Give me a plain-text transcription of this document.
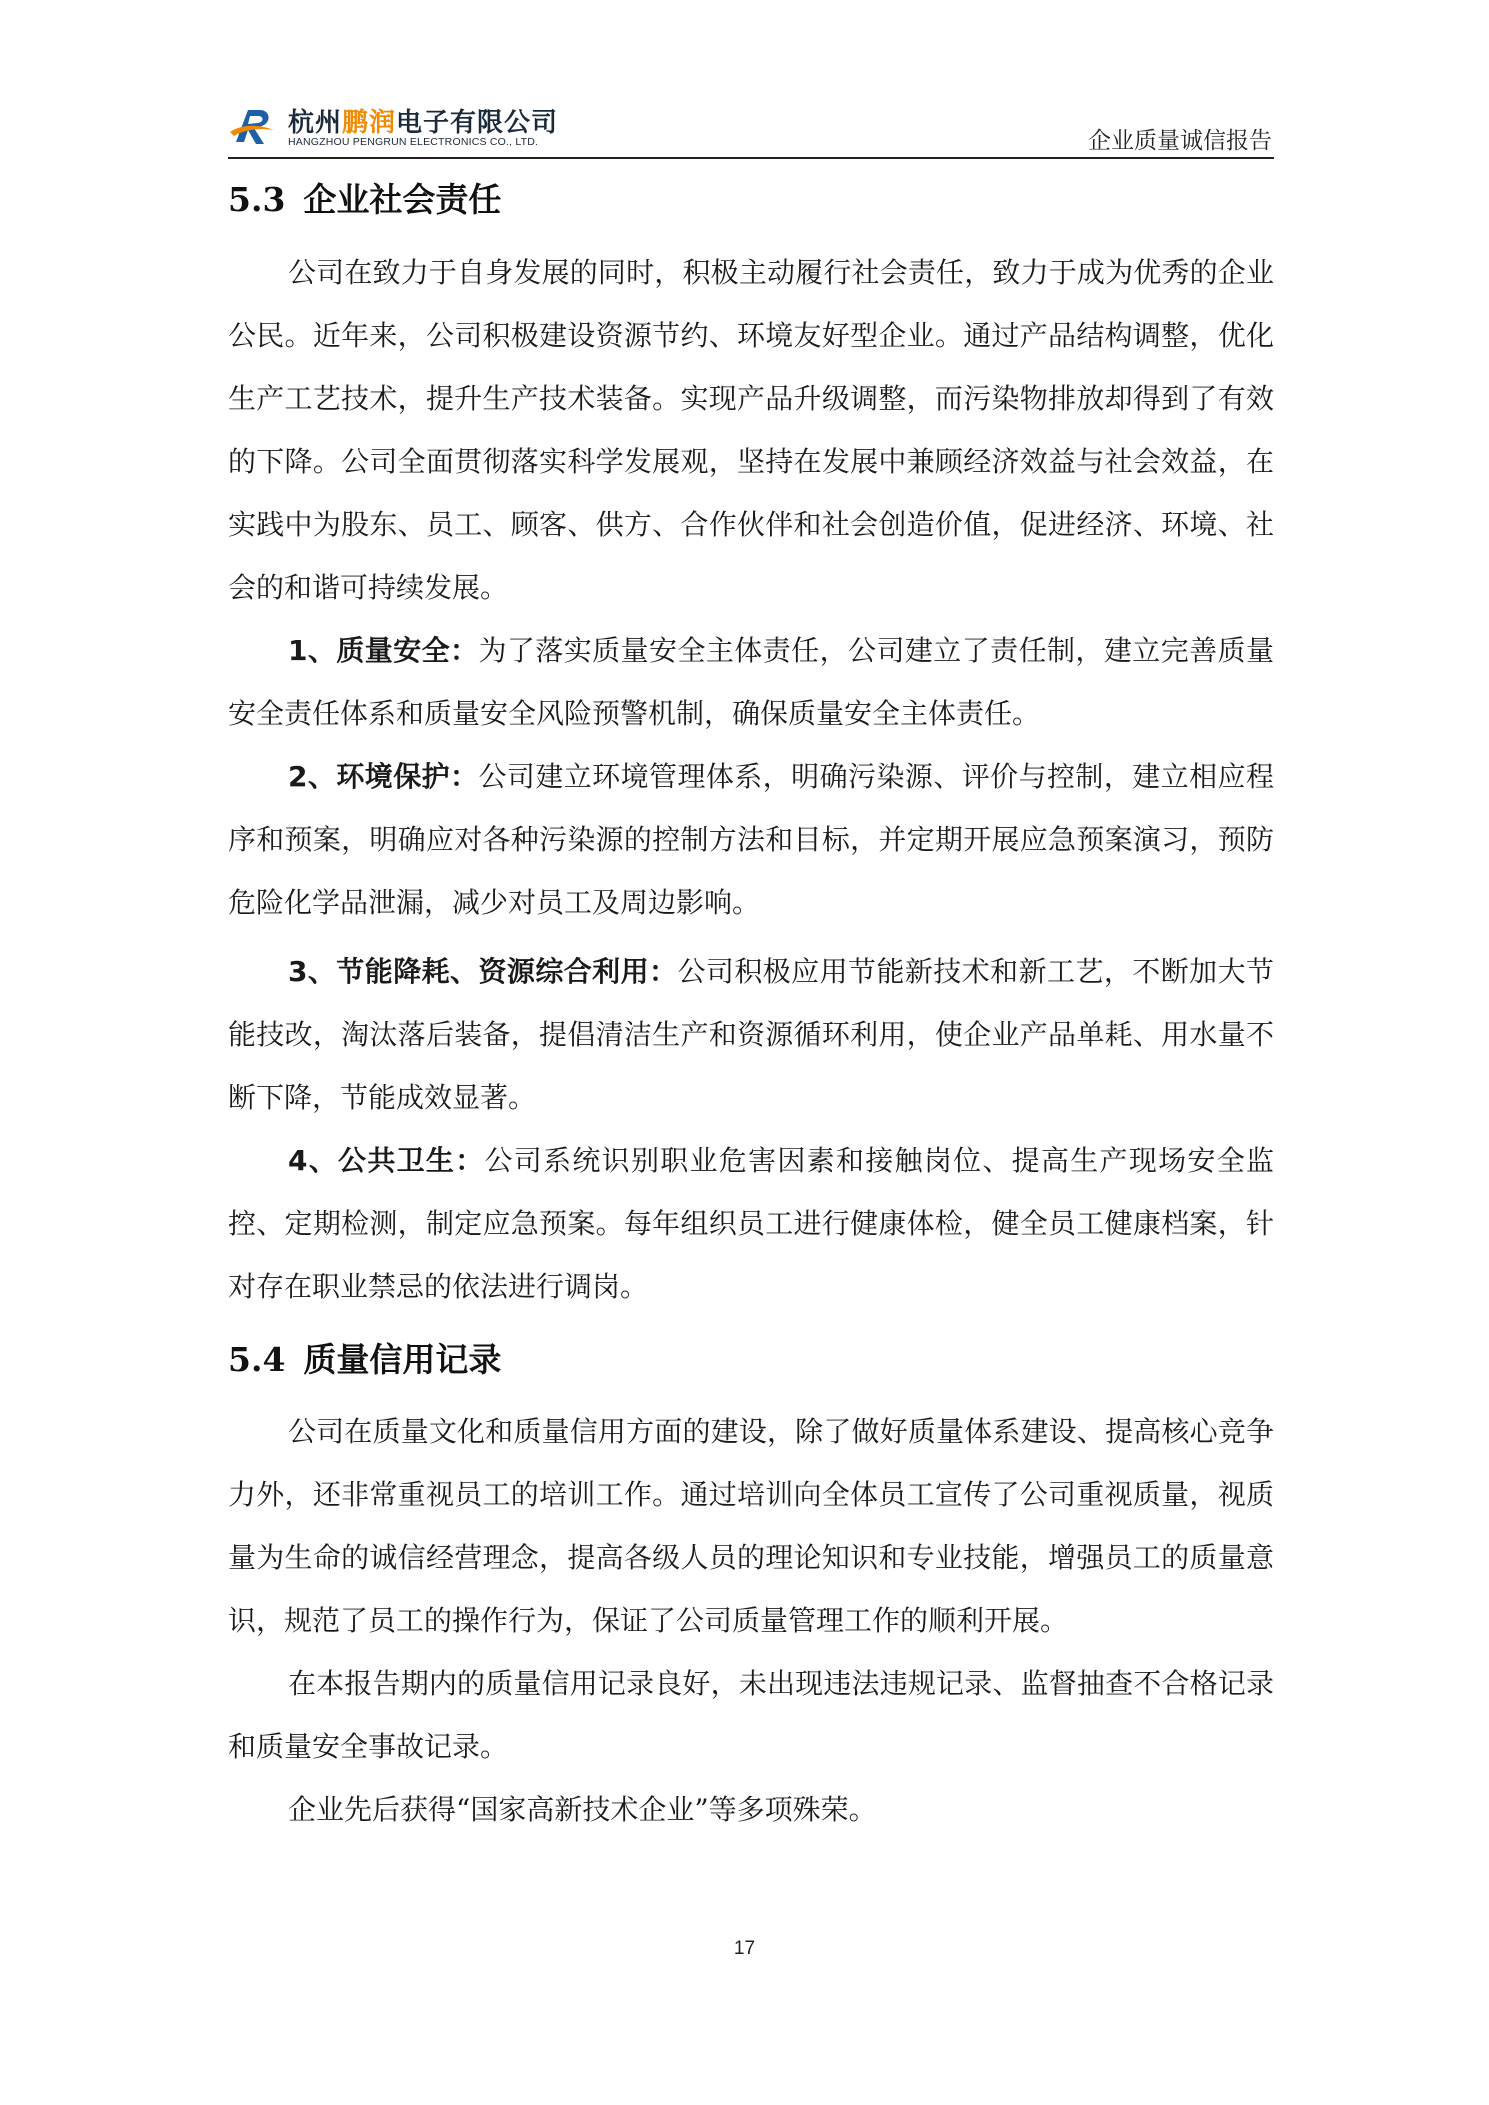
杭州鹏润电子有限公司
HANGZHOU PENGRUN ELECTRONICS CO., LTD.	企业质量诚信报告
5.3 企业社会责任

公司在致力于自身发展的同时，积极主动履行社会责任，致力于成为优秀的企业公民。近年来，公司积极建设资源节约、环境友好型企业。通过产品结构调整，优化生产工艺技术，提升生产技术装备。实现产品升级调整，而污染物排放却得到了有效的下降。公司全面贯彻落实科学发展观，坚持在发展中兼顾经济效益与社会效益，在实践中为股东、员工、顾客、供方、合作伙伴和社会创造价值，促进经济、环境、社会的和谐可持续发展。

1、质量安全：为了落实质量安全主体责任，公司建立了责任制，建立完善质量安全责任体系和质量安全风险预警机制，确保质量安全主体责任。

2、环境保护：公司建立环境管理体系，明确污染源、评价与控制，建立相应程序和预案，明确应对各种污染源的控制方法和目标，并定期开展应急预案演习，预防危险化学品泄漏，减少对员工及周边影响。

3、节能降耗、资源综合利用：公司积极应用节能新技术和新工艺，不断加大节能技改，淘汰落后装备，提倡清洁生产和资源循环利用，使企业产品单耗、用水量不断下降，节能成效显著。

4、公共卫生：公司系统识别职业危害因素和接触岗位、提高生产现场安全监控、定期检测，制定应急预案。每年组织员工进行健康体检，健全员工健康档案，针对存在职业禁忌的依法进行调岗。

5.4 质量信用记录

公司在质量文化和质量信用方面的建设，除了做好质量体系建设、提高核心竞争力外，还非常重视员工的培训工作。通过培训向全体员工宣传了公司重视质量，视质量为生命的诚信经营理念，提高各级人员的理论知识和专业技能，增强员工的质量意识，规范了员工的操作行为，保证了公司质量管理工作的顺利开展。

在本报告期内的质量信用记录良好，未出现违法违规记录、监督抽查不合格记录和质量安全事故记录。

企业先后获得“国家高新技术企业”等多项殊荣。

17
